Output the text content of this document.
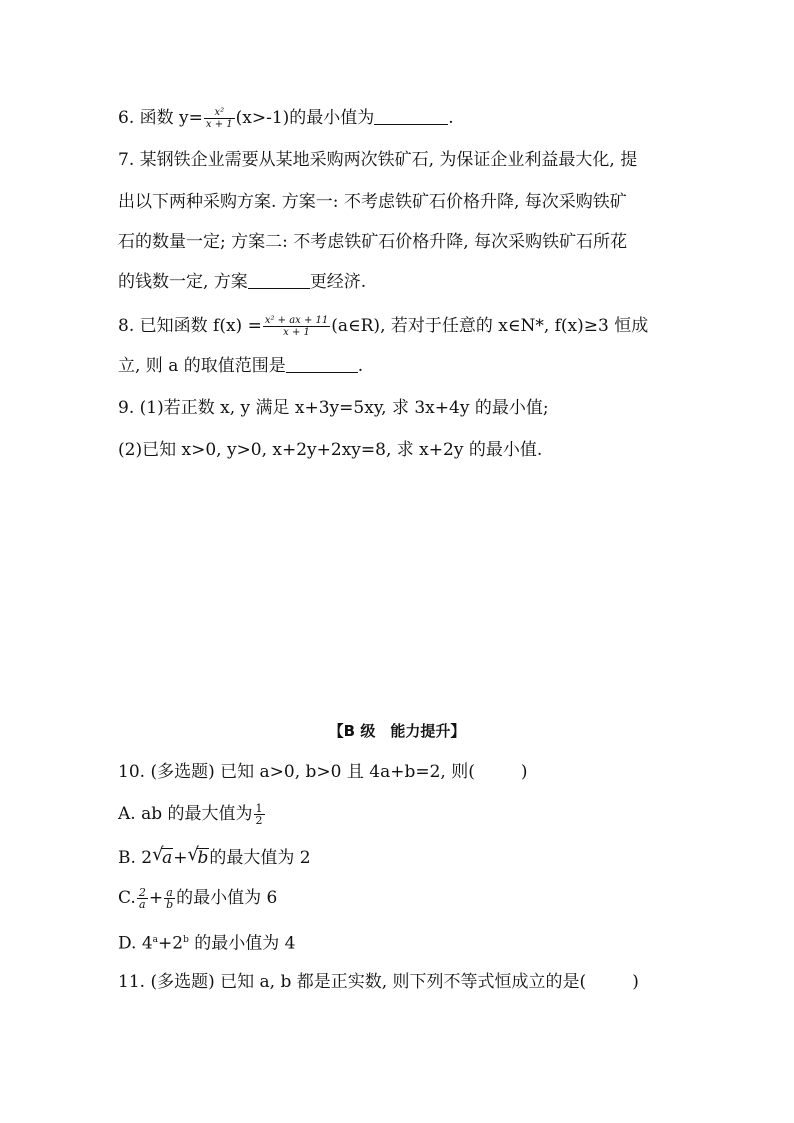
6. 函数 $y= \frac{\text{x²}}{x + 1} (x>-1)$的最小值为	.
7. 某钢铁企业需要从某地采购两次铁矿石, 为保证企业利益最大化, 提
出以下两种采购方案. 方案一: 不考虑铁矿石价格升降, 每次采购铁矿
石的数量一定; 方案二: 不考虑铁矿石价格升降, 每次采购铁矿石所花
的钱数一定, 方案	更经济.
8. 已知函数 $f(x) = \frac{\text{x² + ax + 11}}{x + 1}$ (a∈R), 若对于任意的 x∈N*, f(x)≥3 恒成
立, 则 a 的取值范围是	.
9. (1)若正数 x, y 满足 x+3y=5xy, 求 3x+4y 的最小值;
(2)已知 x>0, y>0, x+2y+2xy=8, 求 x+2y 的最小值.
【B 级　能力提升】
10. (多选题) 已知 a>0, b>0 且 4a+b=2, 则(	)
A. ab 的最大值为 $\frac{1}{2}$
B. 2 √
a+ √
b的最大值为 2
C. $\frac{2}{a} + \frac{a}{b}$ 的最小值为 6
D. $4^a+2^b$ 的最小值为 4
11. (多选题) 已知 a, b 都是正实数, 则下列不等式恒成立的是(	)
